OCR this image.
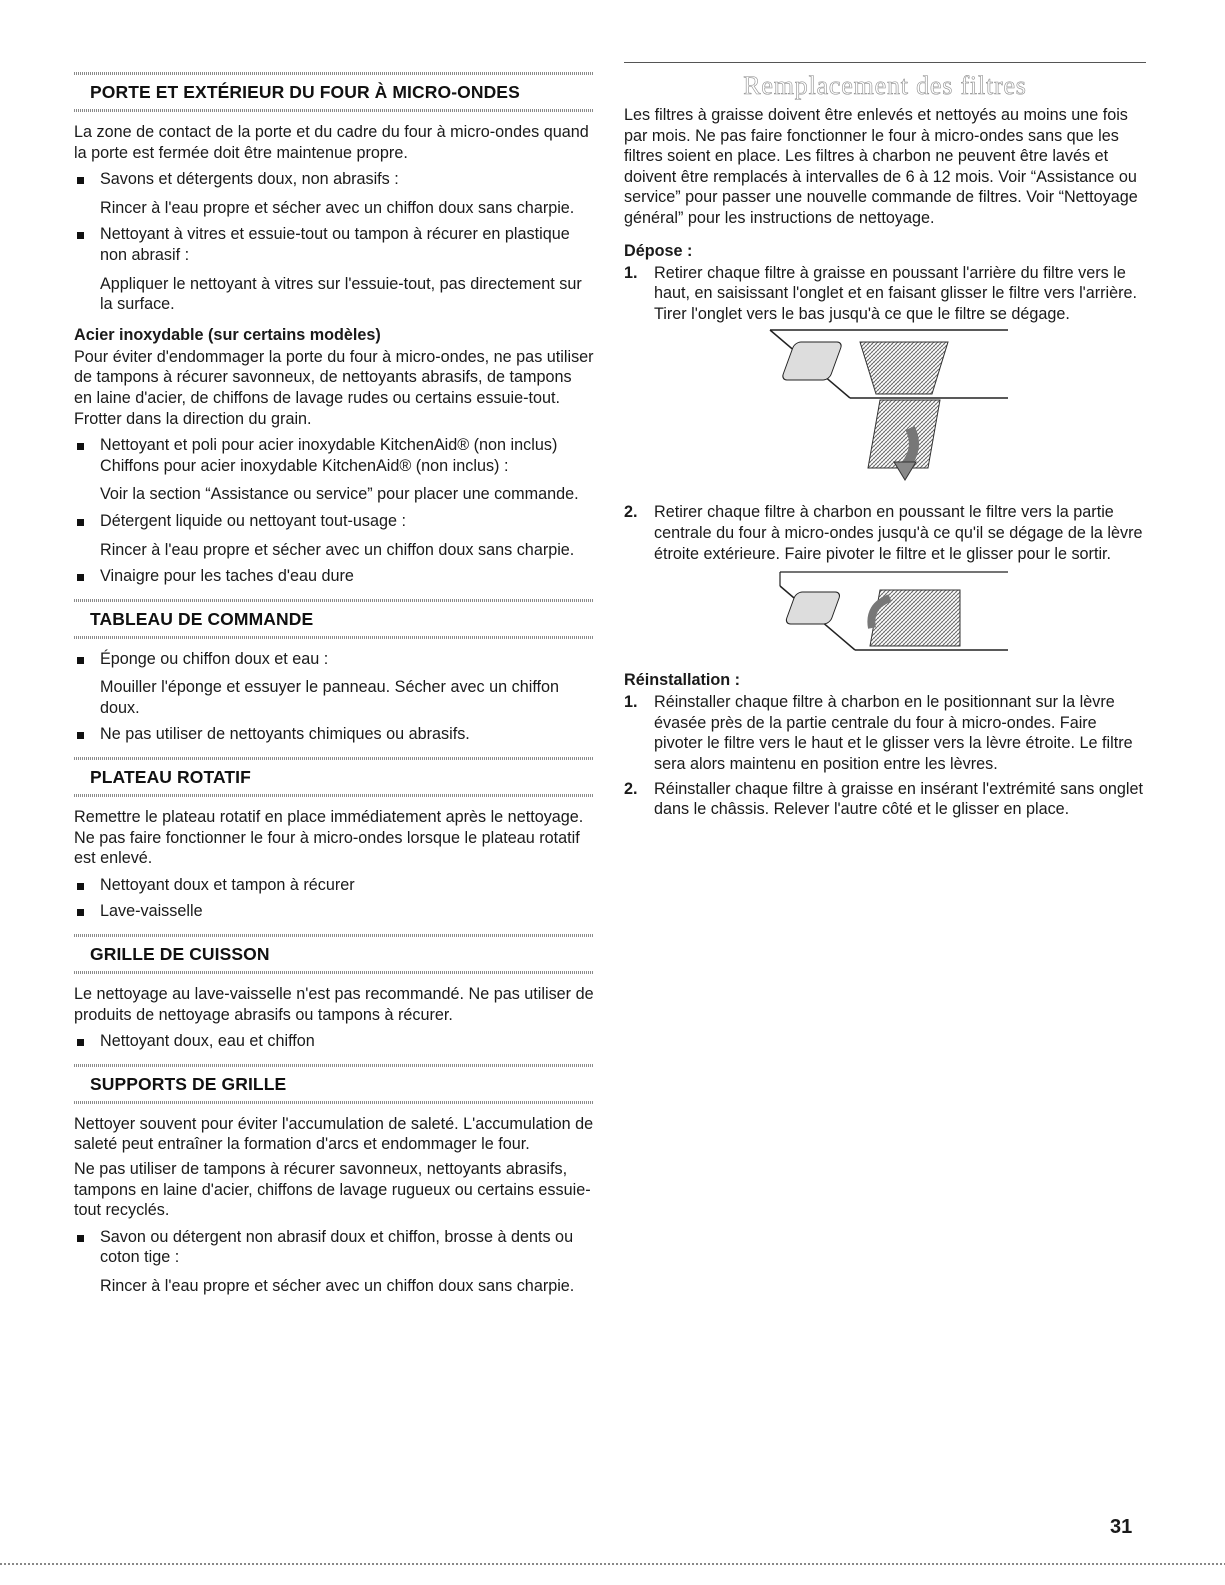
PORTE ET EXTÉRIEUR DU FOUR À MICRO-ONDES

La zone de contact de la porte et du cadre du four à micro-ondes quand la porte est fermée doit être maintenue propre.

Savons et détergents doux, non abrasifs :
Rincer à l'eau propre et sécher avec un chiffon doux sans charpie.
Nettoyant à vitres et essuie-tout ou tampon à récurer en plastique non abrasif :
Appliquer le nettoyant à vitres sur l'essuie-tout, pas directement sur la surface.
Acier inoxydable (sur certains modèles)

Pour éviter d'endommager la porte du four à micro-ondes, ne pas utiliser de tampons à récurer savonneux, de nettoyants abrasifs, de tampons en laine d'acier, de chiffons de lavage rudes ou certains essuie-tout. Frotter dans la direction du grain.

Nettoyant et poli pour acier inoxydable KitchenAid® (non inclus)
Chiffons pour acier inoxydable KitchenAid® (non inclus) :
Voir la section “Assistance ou service” pour placer une commande.
Détergent liquide ou nettoyant tout-usage :
Rincer à l'eau propre et sécher avec un chiffon doux sans charpie.
Vinaigre pour les taches d'eau dure
TABLEAU DE COMMANDE
Éponge ou chiffon doux et eau :
Mouiller l'éponge et essuyer le panneau. Sécher avec un chiffon doux.
Ne pas utiliser de nettoyants chimiques ou abrasifs.
PLATEAU ROTATIF

Remettre le plateau rotatif en place immédiatement après le nettoyage. Ne pas faire fonctionner le four à micro-ondes lorsque le plateau rotatif est enlevé.

Nettoyant doux et tampon à récurer
Lave-vaisselle
GRILLE DE CUISSON

Le nettoyage au lave-vaisselle n'est pas recommandé. Ne pas utiliser de produits de nettoyage abrasifs ou tampons à récurer.

Nettoyant doux, eau et chiffon
SUPPORTS DE GRILLE

Nettoyer souvent pour éviter l'accumulation de saleté. L'accumulation de saleté peut entraîner la formation d'arcs et endommager le four.

Ne pas utiliser de tampons à récurer savonneux, nettoyants abrasifs, tampons en laine d'acier, chiffons de lavage rugueux ou certains essuie-tout recyclés.

Savon ou détergent non abrasif doux et chiffon, brosse à dents ou coton tige :
Rincer à l'eau propre et sécher avec un chiffon doux sans charpie.
Remplacement des filtres

Les filtres à graisse doivent être enlevés et nettoyés au moins une fois par mois. Ne pas faire fonctionner le four à micro-ondes sans que les filtres soient en place. Les filtres à charbon ne peuvent être lavés et doivent être remplacés à intervalles de 6 à 12 mois. Voir “Assistance ou service” pour passer une nouvelle commande de filtres. Voir “Nettoyage général” pour les instructions de nettoyage.

Dépose :
1. Retirer chaque filtre à graisse en poussant l'arrière du filtre vers le haut, en saisissant l'onglet et en faisant glisser le filtre vers l'arrière. Tirer l'onglet vers le bas jusqu'à ce que le filtre se dégage.
2. Retirer chaque filtre à charbon en poussant le filtre vers la partie centrale du four à micro-ondes jusqu'à ce qu'il se dégage de la lèvre étroite extérieure. Faire pivoter le filtre et le glisser pour le sortir.
Réinstallation :
1. Réinstaller chaque filtre à charbon en le positionnant sur la lèvre évasée près de la partie centrale du four à micro-ondes. Faire pivoter le filtre vers le haut et le glisser vers la lèvre étroite. Le filtre sera alors maintenu en position entre les lèvres.
2. Réinstaller chaque filtre à graisse en insérant l'extrémité sans onglet dans le châssis. Relever l'autre côté et le glisser en place.
31
